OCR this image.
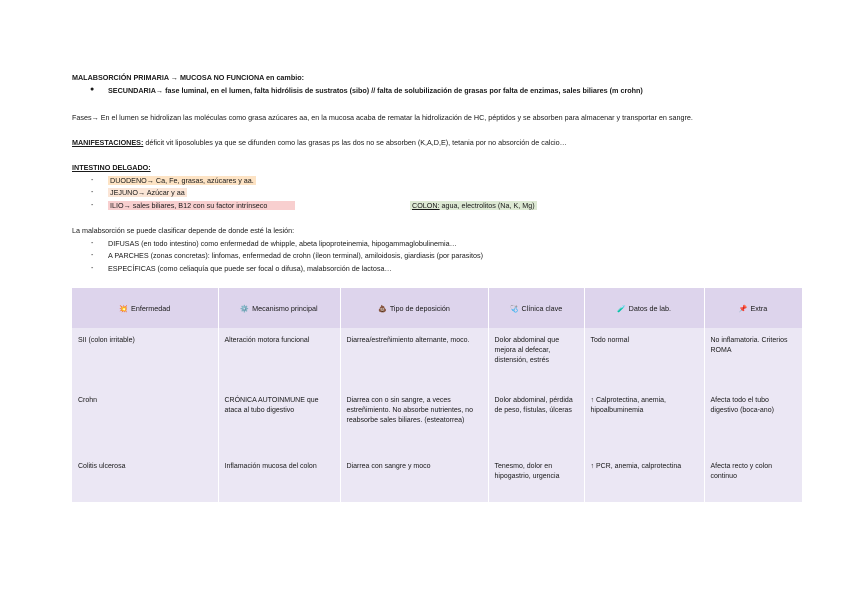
MALABSORCIÓN PRIMARIA → MUCOSA NO FUNCIONA en cambio:
● SECUNDARIA→ fase luminal, en el lumen, falta hidrólisis de sustratos (sibo) // falta de solubilización de grasas por falta de enzimas, sales biliares (m crohn)
Fases→ En el lumen se hidrolizan las moléculas como grasa azúcares aa, en la mucosa acaba de rematar la hidrolización de HC, péptidos y se absorben para almacenar y transportar en sangre.
MANIFESTACIONES: déficit vit liposolubles ya que se difunden como las grasas ps las dos no se absorben (K,A,D,E), tetania por no absorción de calcio…
INTESTINO DELGADO:
- DUODENO→ Ca, Fe, grasas, azúcares y aa.
- JEJUNO→ Azúcar y aa
- ILIO→ sales biliares, B12 con su factor intrínseco	COLON: agua, electrolitos (Na, K, Mg)
La malabsorción se puede clasificar depende de donde esté la lesión:
- DIFUSAS (en todo intestino) como enfermedad de whipple, abeta lipoproteinemia, hipogammaglobulinemia…
- A PARCHES (zonas concretas): linfomas, enfermedad de crohn (íleon terminal), amiloidosis, giardiasis (por parasitos)
- ESPECÍFICAS (como celiaquía que puede ser focal o difusa), malabsorción de lactosa…
💥 Enfermedad	⚙️ Mecanismo principal	💩 Tipo de deposición	🩺 Clínica clave	🧪 Datos de lab.	📌 Extra
SII (colon irritable)	Alteración motora funcional	Diarrea/estreñimiento alternante, moco.	Dolor abdominal que mejora al defecar, distensión, estrés	Todo normal	No inflamatoria. Criterios ROMA
Crohn	CRÓNICA AUTOINMUNE que ataca al tubo digestivo	Diarrea con o sin sangre, a veces estreñimiento. No absorbe nutrientes, no reabsorbe sales biliares. (esteatorrea)	Dolor abdominal, pérdida de peso, fístulas, úlceras	↑ Calprotectina, anemia, hipoalbuminemia	Afecta todo el tubo digestivo (boca-ano)
Colitis ulcerosa	Inflamación mucosa del colon	Diarrea con sangre y moco	Tenesmo, dolor en hipogastrio, urgencia	↑ PCR, anemia, calprotectina	Afecta recto y colon continuo
